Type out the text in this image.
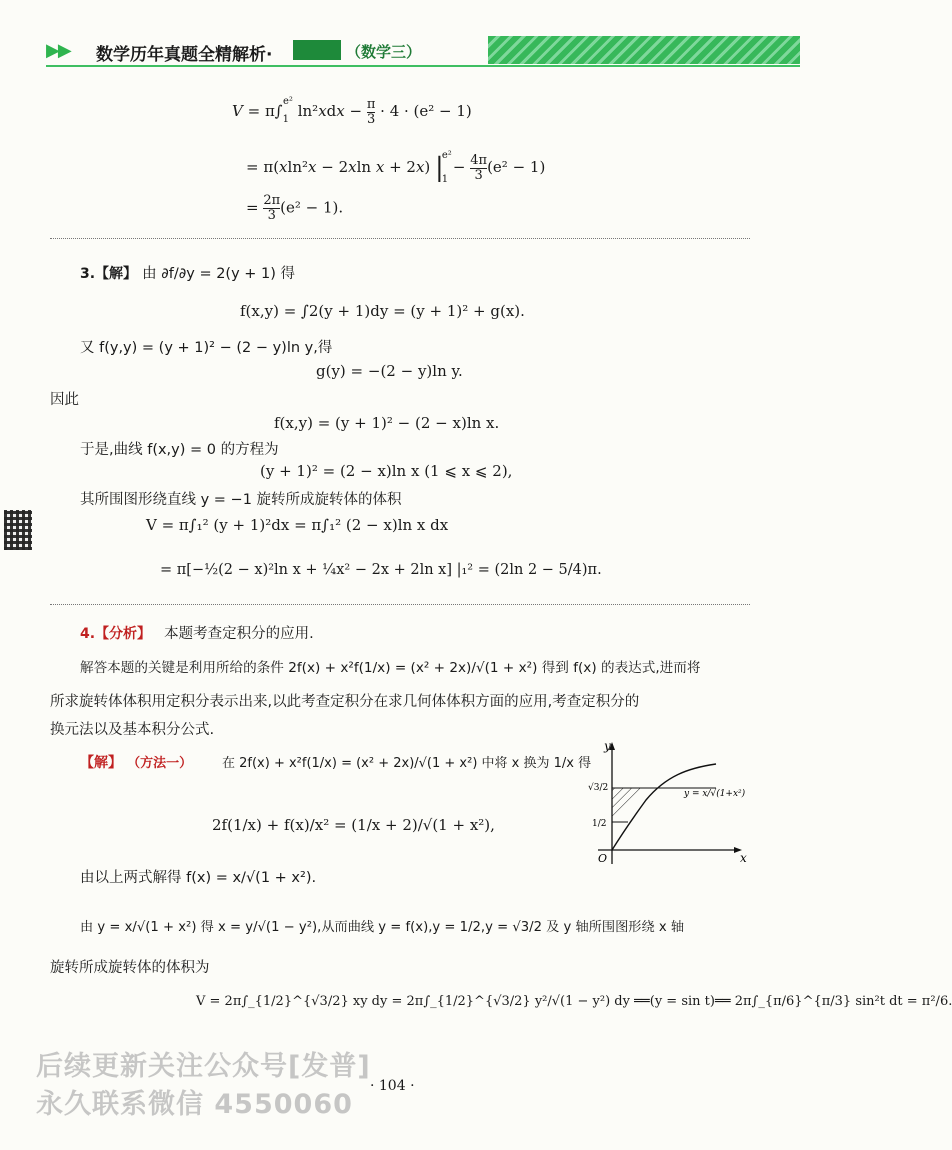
▶▶ 数学历年真题全精解析·	（数学三）
$V = \pi\int_1^{e^2}$ $\ln^2xdx - \frac{\pi}{3} \cdot 4 \cdot (e^2 - 1)$
= π(xln²x − 2xln x + 2x) $|^{e^2}_1 - \frac{4\pi}{3} (e^2 - 1)$
= $\frac{2\pi}{3} (e^2 - 1)$.
3.【解】 由 ∂f/∂y = 2(y + 1) 得
f(x,y) = ∫2(y + 1)dy = (y + 1)² + g(x).
又 f(y,y) = (y + 1)² − (2 − y)ln y,得
g(y) = −(2 − y)ln y.
因此
f(x,y) = (y + 1)² − (2 − x)ln x.
于是,曲线 f(x,y) = 0 的方程为
(y + 1)² = (2 − x)ln x (1 ⩽ x ⩽ 2),
其所围图形绕直线 y = −1 旋转所成旋转体的体积
V = π∫₁² (y + 1)²dx = π∫₁² (2 − x)ln x dx
= π[−½(2 − x)²ln x + ¼x² − 2x + 2ln x] |₁² = (2ln 2 − 5/4)π.
4.【分析】 本题考查定积分的应用.
解答本题的关键是利用所给的条件 2f(x) + x²f(1/x) = (x² + 2x)/√(1 + x²) 得到 f(x) 的表达式,进而将
所求旋转体体积用定积分表示出来,以此考查定积分在求几何体体积方面的应用,考查定积分的
换元法以及基本积分公式.
【解】 （方法一） 在 2f(x) + x²f(1/x) = (x² + 2x)/√(1 + x²) 中将 x 换为 1/x 得
2f(1/x) + f(x)/x² = (1/x + 2)/√(1 + x²),
由以上两式解得 f(x) = x/√(1 + x²).
y
x
O
√3/2
1/2
y = x/√(1+x²)
由 y = x/√(1 + x²) 得 x = y/√(1 − y²),从而曲线 y = f(x),y = 1/2,y = √3/2 及 y 轴所围图形绕 x 轴
旋转所成旋转体的体积为
V = 2π∫_{1/2}^{√3/2} xy dy = 2π∫_{1/2}^{√3/2} y²/√(1 − y²) dy ══(y = sin t)══ 2π∫_{π/6}^{π/3} sin²t dt = π²/6.
后续更新关注公众号[发普]
永久联系微信 4550060
· 104 ·
